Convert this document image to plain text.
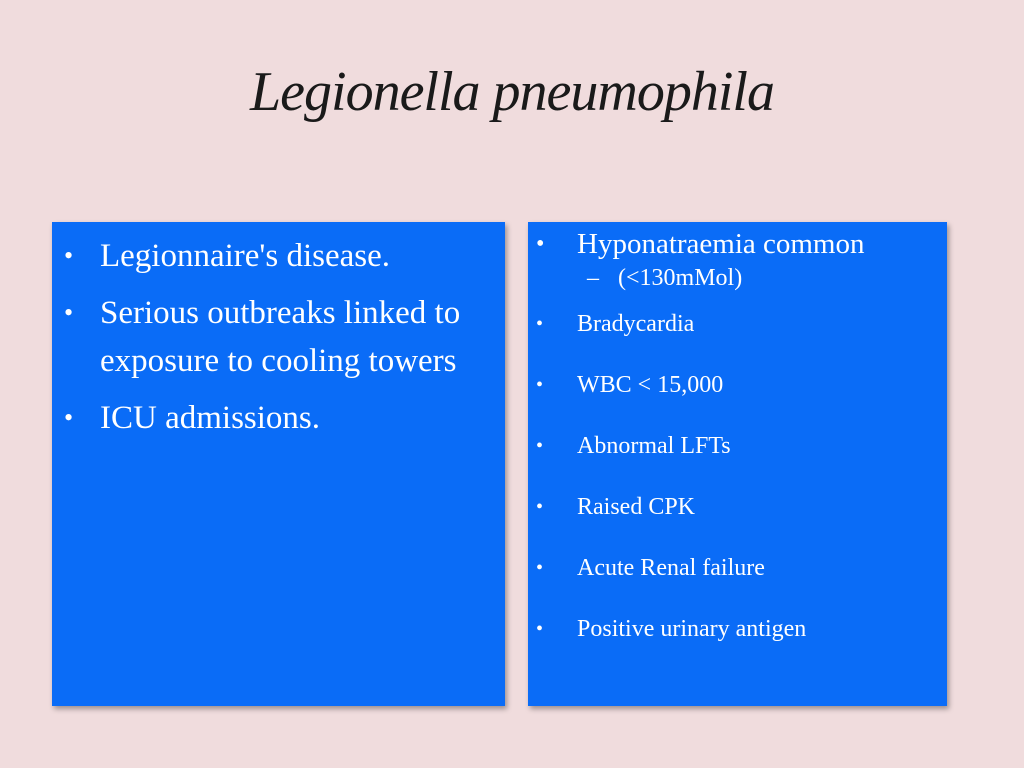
Legionella pneumophila
• Legionnaire's disease.
• Serious outbreaks linked to exposure to cooling towers
• ICU admissions.
• Hyponatraemia common
– (<130mMol)
• Bradycardia
• WBC < 15,000
• Abnormal LFTs
• Raised CPK
• Acute Renal failure
• Positive urinary antigen
